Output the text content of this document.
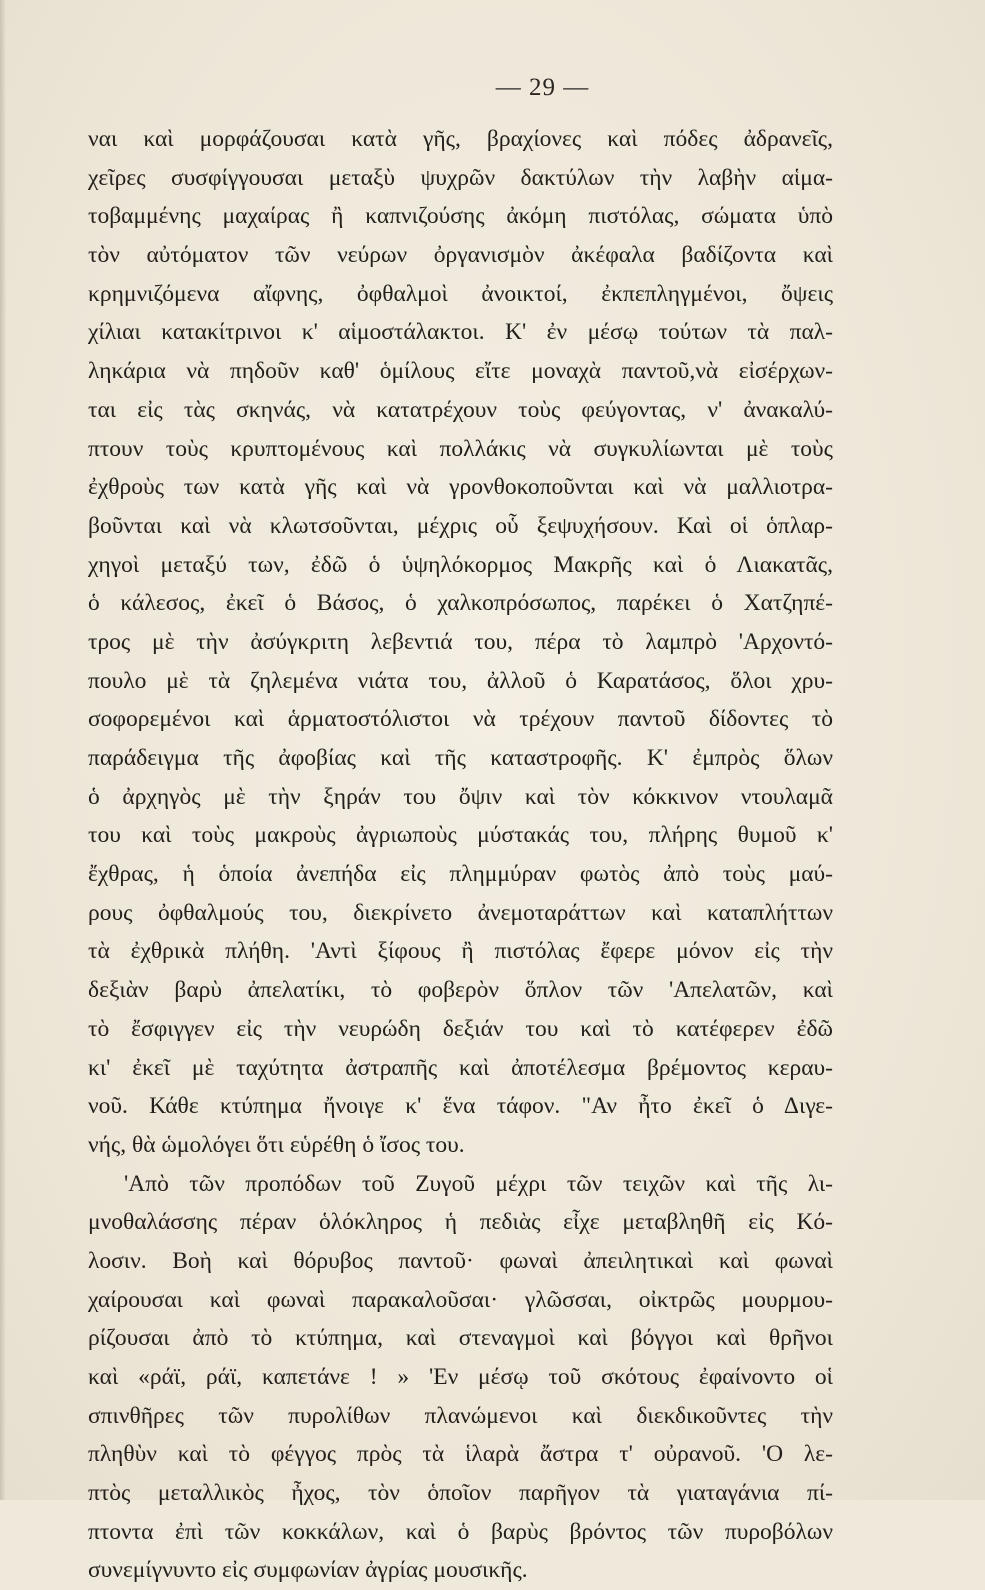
— 29 —
ναι καὶ μορφάζουσαι κατὰ γῆς, βραχίονες καὶ πόδες ἀδρανεῖς,
χεῖρες συσφίγγουσαι μεταξὺ ψυχρῶν δακτύλων τὴν λαβὴν αἱμα-
τοβαμμένης μαχαίρας ἢ καπνιζούσης ἀκόμη πιστόλας, σώματα ὑπὸ
τὸν αὐτόματον τῶν νεύρων ὀργανισμὸν ἀκέφαλα βαδίζοντα καὶ
κρημνιζόμενα αἴφνης, ὀφθαλμοὶ ἀνοικτοί, ἐκπεπληγμένοι, ὄψεις
χίλιαι κατακίτρινοι κ' αἱμοστάλακτοι. Κ' ἐν μέσῳ τούτων τὰ παλ-
ληκάρια νὰ πηδοῦν καθ' ὁμίλους εἴτε μοναχὰ παντοῦ,νὰ εἰσέρχων-
ται εἰς τὰς σκηνάς, νὰ κατατρέχουν τοὺς φεύγοντας, ν' ἀνακαλύ-
πτουν τοὺς κρυπτομένους καὶ πολλάκις νὰ συγκυλίωνται μὲ τοὺς
ἐχθροὺς των κατὰ γῆς καὶ νὰ γρονθοκοποῦνται καὶ νὰ μαλλιοτρα-
βοῦνται καὶ νὰ κλωτσοῦνται, μέχρις οὗ ξεψυχήσουν. Καὶ οἱ ὁπλαρ-
χηγοὶ μεταξύ των, ἐδῶ ὁ ὑψηλόκορμος Μακρῆς καὶ ὁ Λιακατᾶς,
ὁ κάλεσος, ἐκεῖ ὁ Βάσος, ὁ χαλκοπρόσωπος, παρέκει ὁ Χατζηπέ-
τρος μὲ τὴν ἀσύγκριτη λεβεντιά του, πέρα τὸ λαμπρὸ 'Αρχοντό-
πουλο μὲ τὰ ζηλεμένα νιάτα του, ἀλλοῦ ὁ Καρατάσος, ὅλοι χρυ-
σοφορεμένοι καὶ ἁρματοστόλιστοι νὰ τρέχουν παντοῦ δίδοντες τὸ
παράδειγμα τῆς ἀφοβίας καὶ τῆς καταστροφῆς. Κ' ἐμπρὸς ὅλων
ὁ ἀρχηγὸς μὲ τὴν ξηράν του ὄψιν καὶ τὸν κόκκινον ντουλαμᾶ
του καὶ τοὺς μακροὺς ἀγριωποὺς μύστακάς του, πλήρης θυμοῦ κ'
ἔχθρας, ἡ ὁποία ἀνεπήδα εἰς πλημμύραν φωτὸς ἀπὸ τοὺς μαύ-
ρους ὀφθαλμούς του, διεκρίνετο ἀνεμοταράττων καὶ καταπλήττων
τὰ ἐχθρικὰ πλήθη. 'Αντὶ ξίφους ἢ πιστόλας ἔφερε μόνον εἰς τὴν
δεξιὰν βαρὺ ἀπελατίκι, τὸ φοβερὸν ὅπλον τῶν 'Απελατῶν, καὶ
τὸ ἔσφιγγεν εἰς τὴν νευρώδη δεξιάν του καὶ τὸ κατέφερεν ἐδῶ
κι' ἐκεῖ μὲ ταχύτητα ἀστραπῆς καὶ ἀποτέλεσμα βρέμοντος κεραυ-
νοῦ. Κάθε κτύπημα ἤνοιγε κ' ἕνα τάφον. "Αν ἦτο ἐκεῖ ὁ Διγε-
νής, θὰ ὡμολόγει ὅτι εὑρέθη ὁ ἴσος του.
'Απὸ τῶν προπόδων τοῦ Ζυγοῦ μέχρι τῶν τειχῶν καὶ τῆς λι-
μνοθαλάσσης πέραν ὁλόκληρος ἡ πεδιὰς εἶχε μεταβληθῆ εἰς Κό-
λοσιν. Βοὴ καὶ θόρυβος παντοῦ· φωναὶ ἀπειλητικαὶ καὶ φωναὶ
χαίρουσαι καὶ φωναὶ παρακαλοῦσαι· γλῶσσαι, οἰκτρῶς μουρμου-
ρίζουσαι ἀπὸ τὸ κτύπημα, καὶ στεναγμοὶ καὶ βόγγοι καὶ θρῆνοι
καὶ «ράϊ, ράϊ, καπετάνε ! » 'Εν μέσῳ τοῦ σκότους ἐφαίνοντο οἱ
σπινθῆρες τῶν πυρολίθων πλανώμενοι καὶ διεκδικοῦντες τὴν
πληθὺν καὶ τὸ φέγγος πρὸς τὰ ἱλαρὰ ἄστρα τ' οὐρανοῦ. 'Ο λε-
πτὸς μεταλλικὸς ἦχος, τὸν ὁποῖον παρῆγον τὰ γιαταγάνια πί-
πτοντα ἐπὶ τῶν κοκκάλων, καὶ ὁ βαρὺς βρόντος τῶν πυροβόλων
συνεμίγνυντο εἰς συμφωνίαν ἀγρίας μουσικῆς.
